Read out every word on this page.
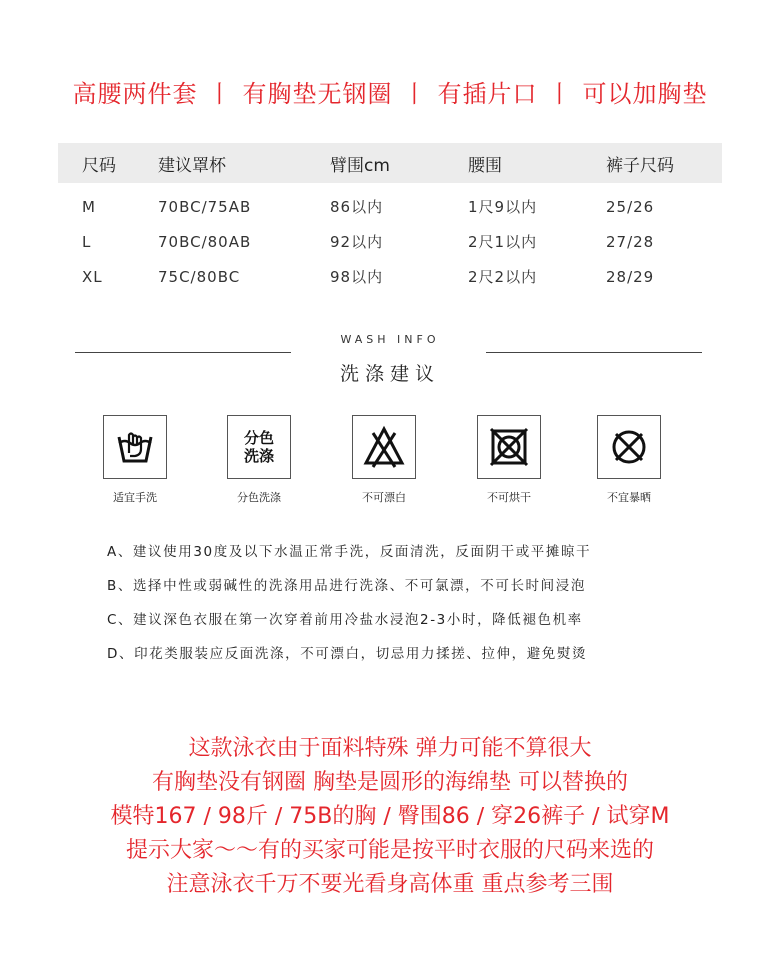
高腰两件套 丨 有胸垫无钢圈 丨 有插片口 丨 可以加胸垫
尺码	建议罩杯	臂围cm	腰围	裤子尺码
M	70BC/75AB	86以内	1尺9以内	25/26
L	70BC/80AB	92以内	2尺1以内	27/28
XL	75C/80BC	98以内	2尺2以内	28/29
WASH INFO
洗涤建议
适宜手洗
分色
洗涤
分色洗涤	不可漂白	不可烘干	不宜暴晒
A、建议使用30度及以下水温正常手洗，反面清洗，反面阴干或平摊晾干
B、选择中性或弱碱性的洗涤用品进行洗涤、不可氯漂，不可长时间浸泡
C、建议深色衣服在第一次穿着前用冷盐水浸泡2-3小时，降低褪色机率
D、印花类服装应反面洗涤，不可漂白，切忌用力揉搓、拉伸，避免熨烫
这款泳衣由于面料特殊 弹力可能不算很大
有胸垫没有钢圈 胸垫是圆形的海绵垫 可以替换的
模特167 ∕ 98斤 ∕ 75B的胸 ∕ 臀围86 ∕ 穿26裤子 ∕ 试穿M
提示大家～～有的买家可能是按平时衣服的尺码来选的
注意泳衣千万不要光看身高体重 重点参考三围
